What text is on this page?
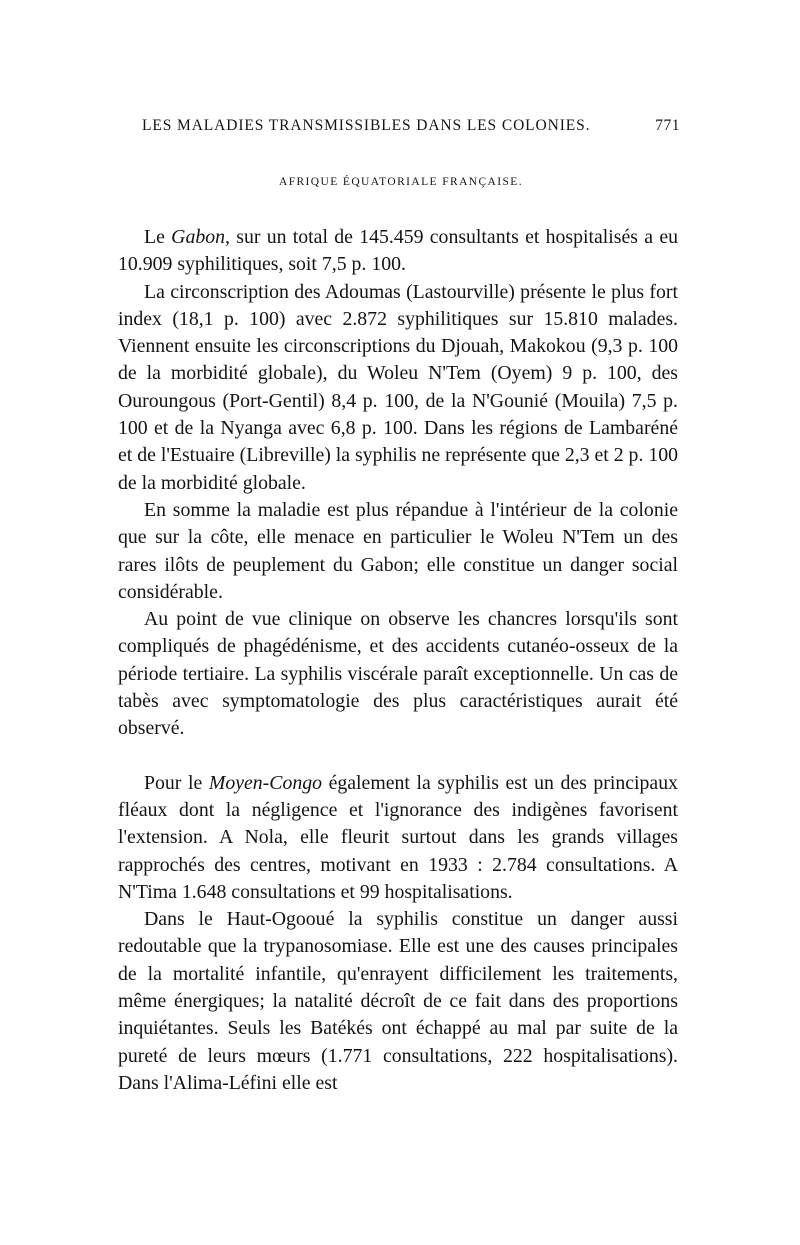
LES MALADIES TRANSMISSIBLES DANS LES COLONIES.	771
AFRIQUE ÉQUATORIALE FRANÇAISE.

Le Gabon, sur un total de 145.459 consultants et hospitalisés a eu 10.909 syphilitiques, soit 7,5 p. 100.

La circonscription des Adoumas (Lastourville) présente le plus fort index (18,1 p. 100) avec 2.872 syphilitiques sur 15.810 malades. Viennent ensuite les circonscriptions du Djouah, Makokou (9,3 p. 100 de la morbidité globale), du Woleu N'Tem (Oyem) 9 p. 100, des Ouroungous (Port-Gentil) 8,4 p. 100, de la N'Gounié (Mouila) 7,5 p. 100 et de la Nyanga avec 6,8 p. 100. Dans les régions de Lambaréné et de l'Estuaire (Libreville) la syphilis ne représente que 2,3 et 2 p. 100 de la morbidité globale.

En somme la maladie est plus répandue à l'intérieur de la colonie que sur la côte, elle menace en particulier le Woleu N'Tem un des rares ilôts de peuplement du Gabon; elle constitue un danger social considérable.

Au point de vue clinique on observe les chancres lorsqu'ils sont compliqués de phagédénisme, et des accidents cutanéo-osseux de la période tertiaire. La syphilis viscérale paraît exceptionnelle. Un cas de tabès avec symptomatologie des plus caractéristiques aurait été observé.

Pour le Moyen-Congo également la syphilis est un des principaux fléaux dont la négligence et l'ignorance des indigènes favorisent l'extension. A Nola, elle fleurit surtout dans les grands villages rapprochés des centres, motivant en 1933 : 2.784 consultations. A N'Tima 1.648 consultations et 99 hospitalisations.

Dans le Haut-Ogooué la syphilis constitue un danger aussi redoutable que la trypanosomiase. Elle est une des causes principales de la mortalité infantile, qu'enrayent difficilement les traitements, même énergiques; la natalité décroît de ce fait dans des proportions inquiétantes. Seuls les Batékés ont échappé au mal par suite de la pureté de leurs mœurs (1.771 consultations, 222 hospitalisations). Dans l'Alima-Léfini elle est
